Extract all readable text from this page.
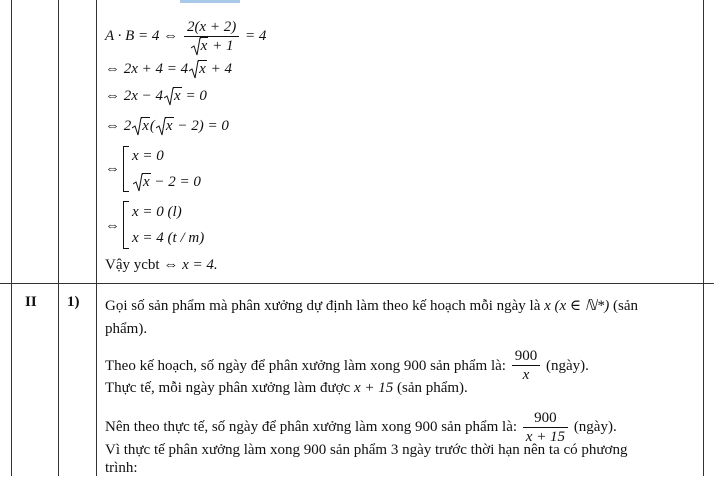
A · B = 4 ⇔ $\frac{2(x + 2)}{x + 1} = 4$
⇔ 2x + 4 = 4 x + 4
⇔ 2x − 4 x = 0
⇔ 2 x( x − 2) = 0
⇔
x = 0
x − 2 = 0
⇔
x = 0 (l)
x = 4 (t / m)
Vậy ycbt ⇔ x = 4.
II 1) Gọi số sản phẩm mà phân xưởng dự định làm theo kế hoạch mỗi ngày là x (x ∈ ℕ*) (sản
phẩm).
Theo kế hoạch, số ngày để phân xưởng làm xong 900 sản phẩm là: $\frac{900}{x}$ (ngày).
Thực tế, mỗi ngày phân xưởng làm được x + 15 (sản phẩm).
Nên theo thực tế, số ngày để phân xưởng làm xong 900 sản phẩm là: $\frac{900}{x + 15}$ (ngày).
Vì thực tế phân xưởng làm xong 900 sản phẩm 3 ngày trước thời hạn nên ta có phương
trình:
